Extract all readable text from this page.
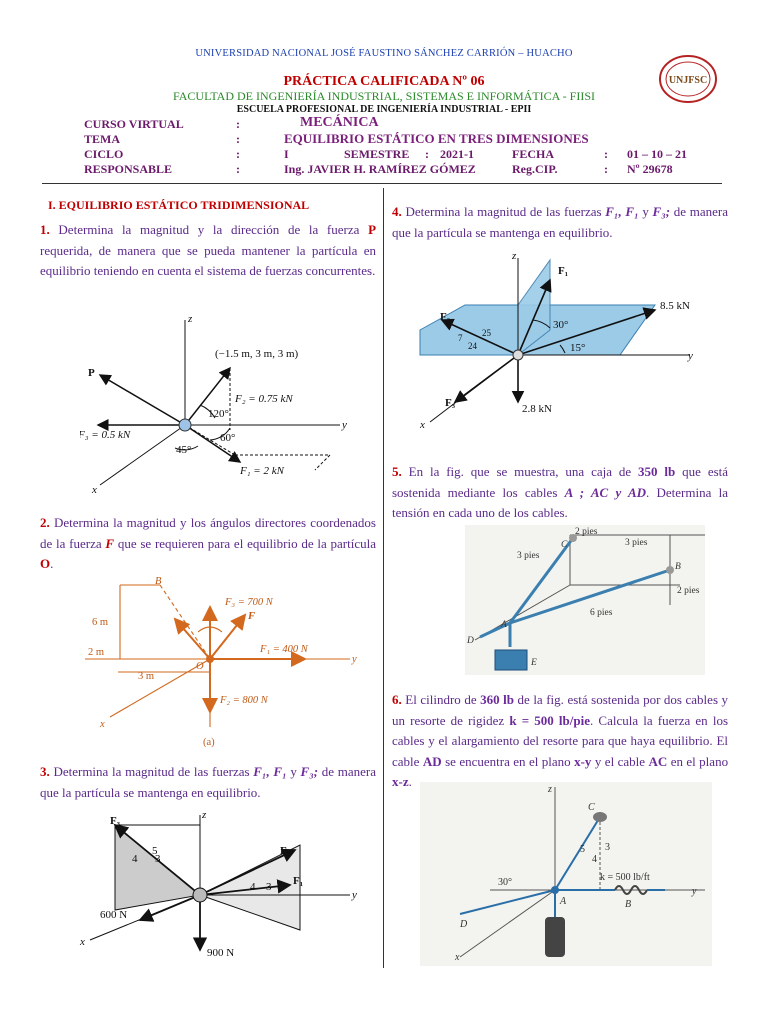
UNIVERSIDAD NACIONAL JOSÉ FAUSTINO SÁNCHEZ CARRIÓN – HUACHO
PRÁCTICA CALIFICADA Nº 06
FACULTAD DE INGENIERÍA INDUSTRIAL, SISTEMAS E INFORMÁTICA - FIISI
ESCUELA PROFESIONAL DE INGENIERÍA INDUSTRIAL - EPII
UNJFSC
CURSO VIRTUAL	:	MECÁNICA
TEMA	:	EQUILIBRIO ESTÁTICO EN TRES DIMENSIONES
CICLO	:	I	SEMESTRE : 2021-1	FECHA	: 01 – 10 – 21
RESPONSABLE	:	Ing. JAVIER H. RAMÍREZ GÓMEZ	Reg.CIP.	: Nº 29678
I. EQUILIBRIO ESTÁTICO TRIDIMENSIONAL
1. Determina la magnitud y la dirección de la fuerza P requerida, de manera que se pueda mantener la partícula en equilibrio teniendo en cuenta el sistema de fuerzas concurrentes.
z
y
x
P
(−1.5 m, 3 m, 3 m)
F₂ = 0.75 kN
F₃ = 0.5 kN
F₁ = 2 kN
120°
60°
45°
2. Determina la magnitud y los ángulos directores coordenados de la fuerza F que se requieren para el equilibrio de la partícula O.
B
F₃ = 700 N
F
6 m
F₁ = 400 N
2 m
3 m
O
y
F₂ = 800 N
x
(a)
3. Determina la magnitud de las fuerzas F₁, F₁ y F₃; de manera que la partícula se mantenga en equilibrio.
F₃	z
F₂
F₁
3
4
5
4 3
600 N
x
y
900 N
4. Determina la magnitud de las fuerzas F₁, F₁ y F₃; de manera que la partícula se mantenga en equilibrio.
z
F₁
F₂
8.5 kN
25
7
24
30°
15°
y
F₃	2.8 kN
x
5. En la fig. que se muestra, una caja de 350 lb que está sostenida mediante los cables A ; AC y AD. Determina la tensión en cada uno de los cables.
2 pies
3 pies
3 pies
2 pies
6 pies
C
B
A
D
E
6. El cilindro de 360 lb de la fig. está sostenida por dos cables y un resorte de rigidez k = 500 lb/pie. Calcula la fuerza en los cables y el alargamiento del resorte para que haya equilibrio. El cable AD se encuentra en el plano x-y y el cable AC en el plano x-z.
z
C
30°	k = 500 lb/ft
y
A	B
D
x
3
5
4
